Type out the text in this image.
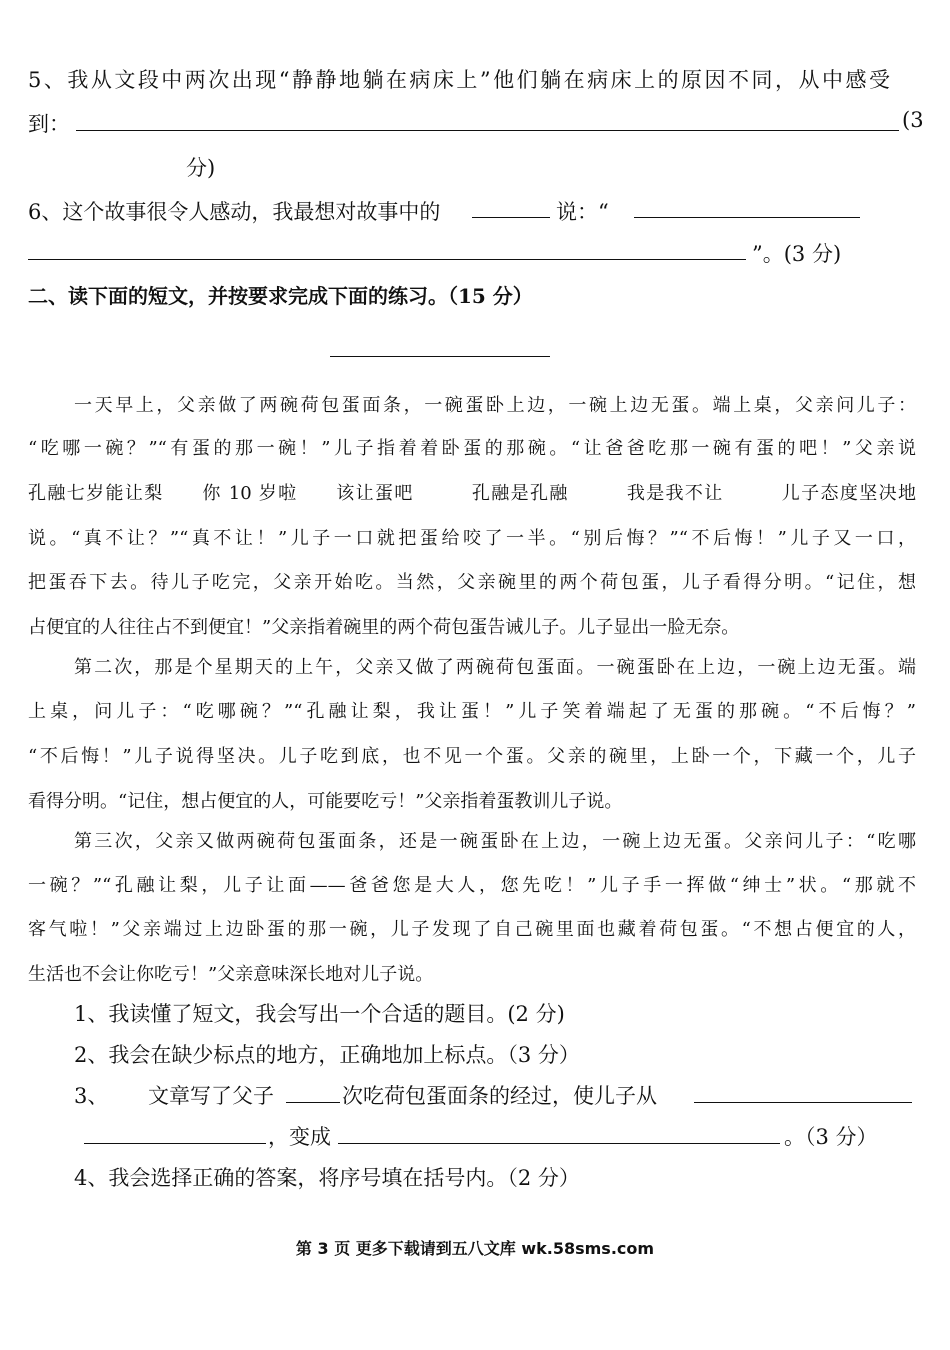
5、我从文段中两次出现“静静地躺在病床上”他们躺在病床上的原因不同，从中感受
到：	(3
分)
6、这个故事很令人感动，我最想对故事中的	说：“
”。(3 分)
二、读下面的短文，并按要求完成下面的练习。（15 分）
一天早上，父亲做了两碗荷包蛋面条，一碗蛋卧上边，一碗上边无蛋。端上桌，父亲问儿子：
“吃哪一碗？”“有蛋的那一碗！”儿子指着着卧蛋的那碗。“让爸爸吃那一碗有蛋的吧！”父亲说
孔融七岁能让梨　　你 10 岁啦　　该让蛋吧　　　孔融是孔融　　　我是我不让　　　儿子态度坚决地
说。“真不让？”“真不让！”儿子一口就把蛋给咬了一半。“别后悔？”“不后悔！”儿子又一口，
把蛋吞下去。待儿子吃完，父亲开始吃。当然，父亲碗里的两个荷包蛋，儿子看得分明。“记住，想
占便宜的人往往占不到便宜！”父亲指着碗里的两个荷包蛋告诫儿子。儿子显出一脸无奈。
第二次，那是个星期天的上午，父亲又做了两碗荷包蛋面。一碗蛋卧在上边，一碗上边无蛋。端
上桌，问儿子：“吃哪碗？”“孔融让梨，我让蛋！”儿子笑着端起了无蛋的那碗。“不后悔？”
“不后悔！”儿子说得坚决。儿子吃到底，也不见一个蛋。父亲的碗里，上卧一个，下藏一个，儿子
看得分明。“记住，想占便宜的人，可能要吃亏！”父亲指着蛋教训儿子说。
第三次，父亲又做两碗荷包蛋面条，还是一碗蛋卧在上边，一碗上边无蛋。父亲问儿子：“吃哪
一碗？”“孔融让梨，儿子让面——爸爸您是大人，您先吃！”儿子手一挥做“绅士”状。“那就不
客气啦！”父亲端过上边卧蛋的那一碗，儿子发现了自己碗里面也藏着荷包蛋。“不想占便宜的人，
生活也不会让你吃亏！”父亲意味深长地对儿子说。
1、我读懂了短文，我会写出一个合适的题目。(2 分)
2、我会在缺少标点的地方，正确地加上标点。（3 分）
3、 文章写了父子	次吃荷包蛋面条的经过，使儿子从
，变成	。（3 分）
4、我会选择正确的答案，将序号填在括号内。（2 分）
第 3 页 更多下载请到五八文库 wk.58sms.com
